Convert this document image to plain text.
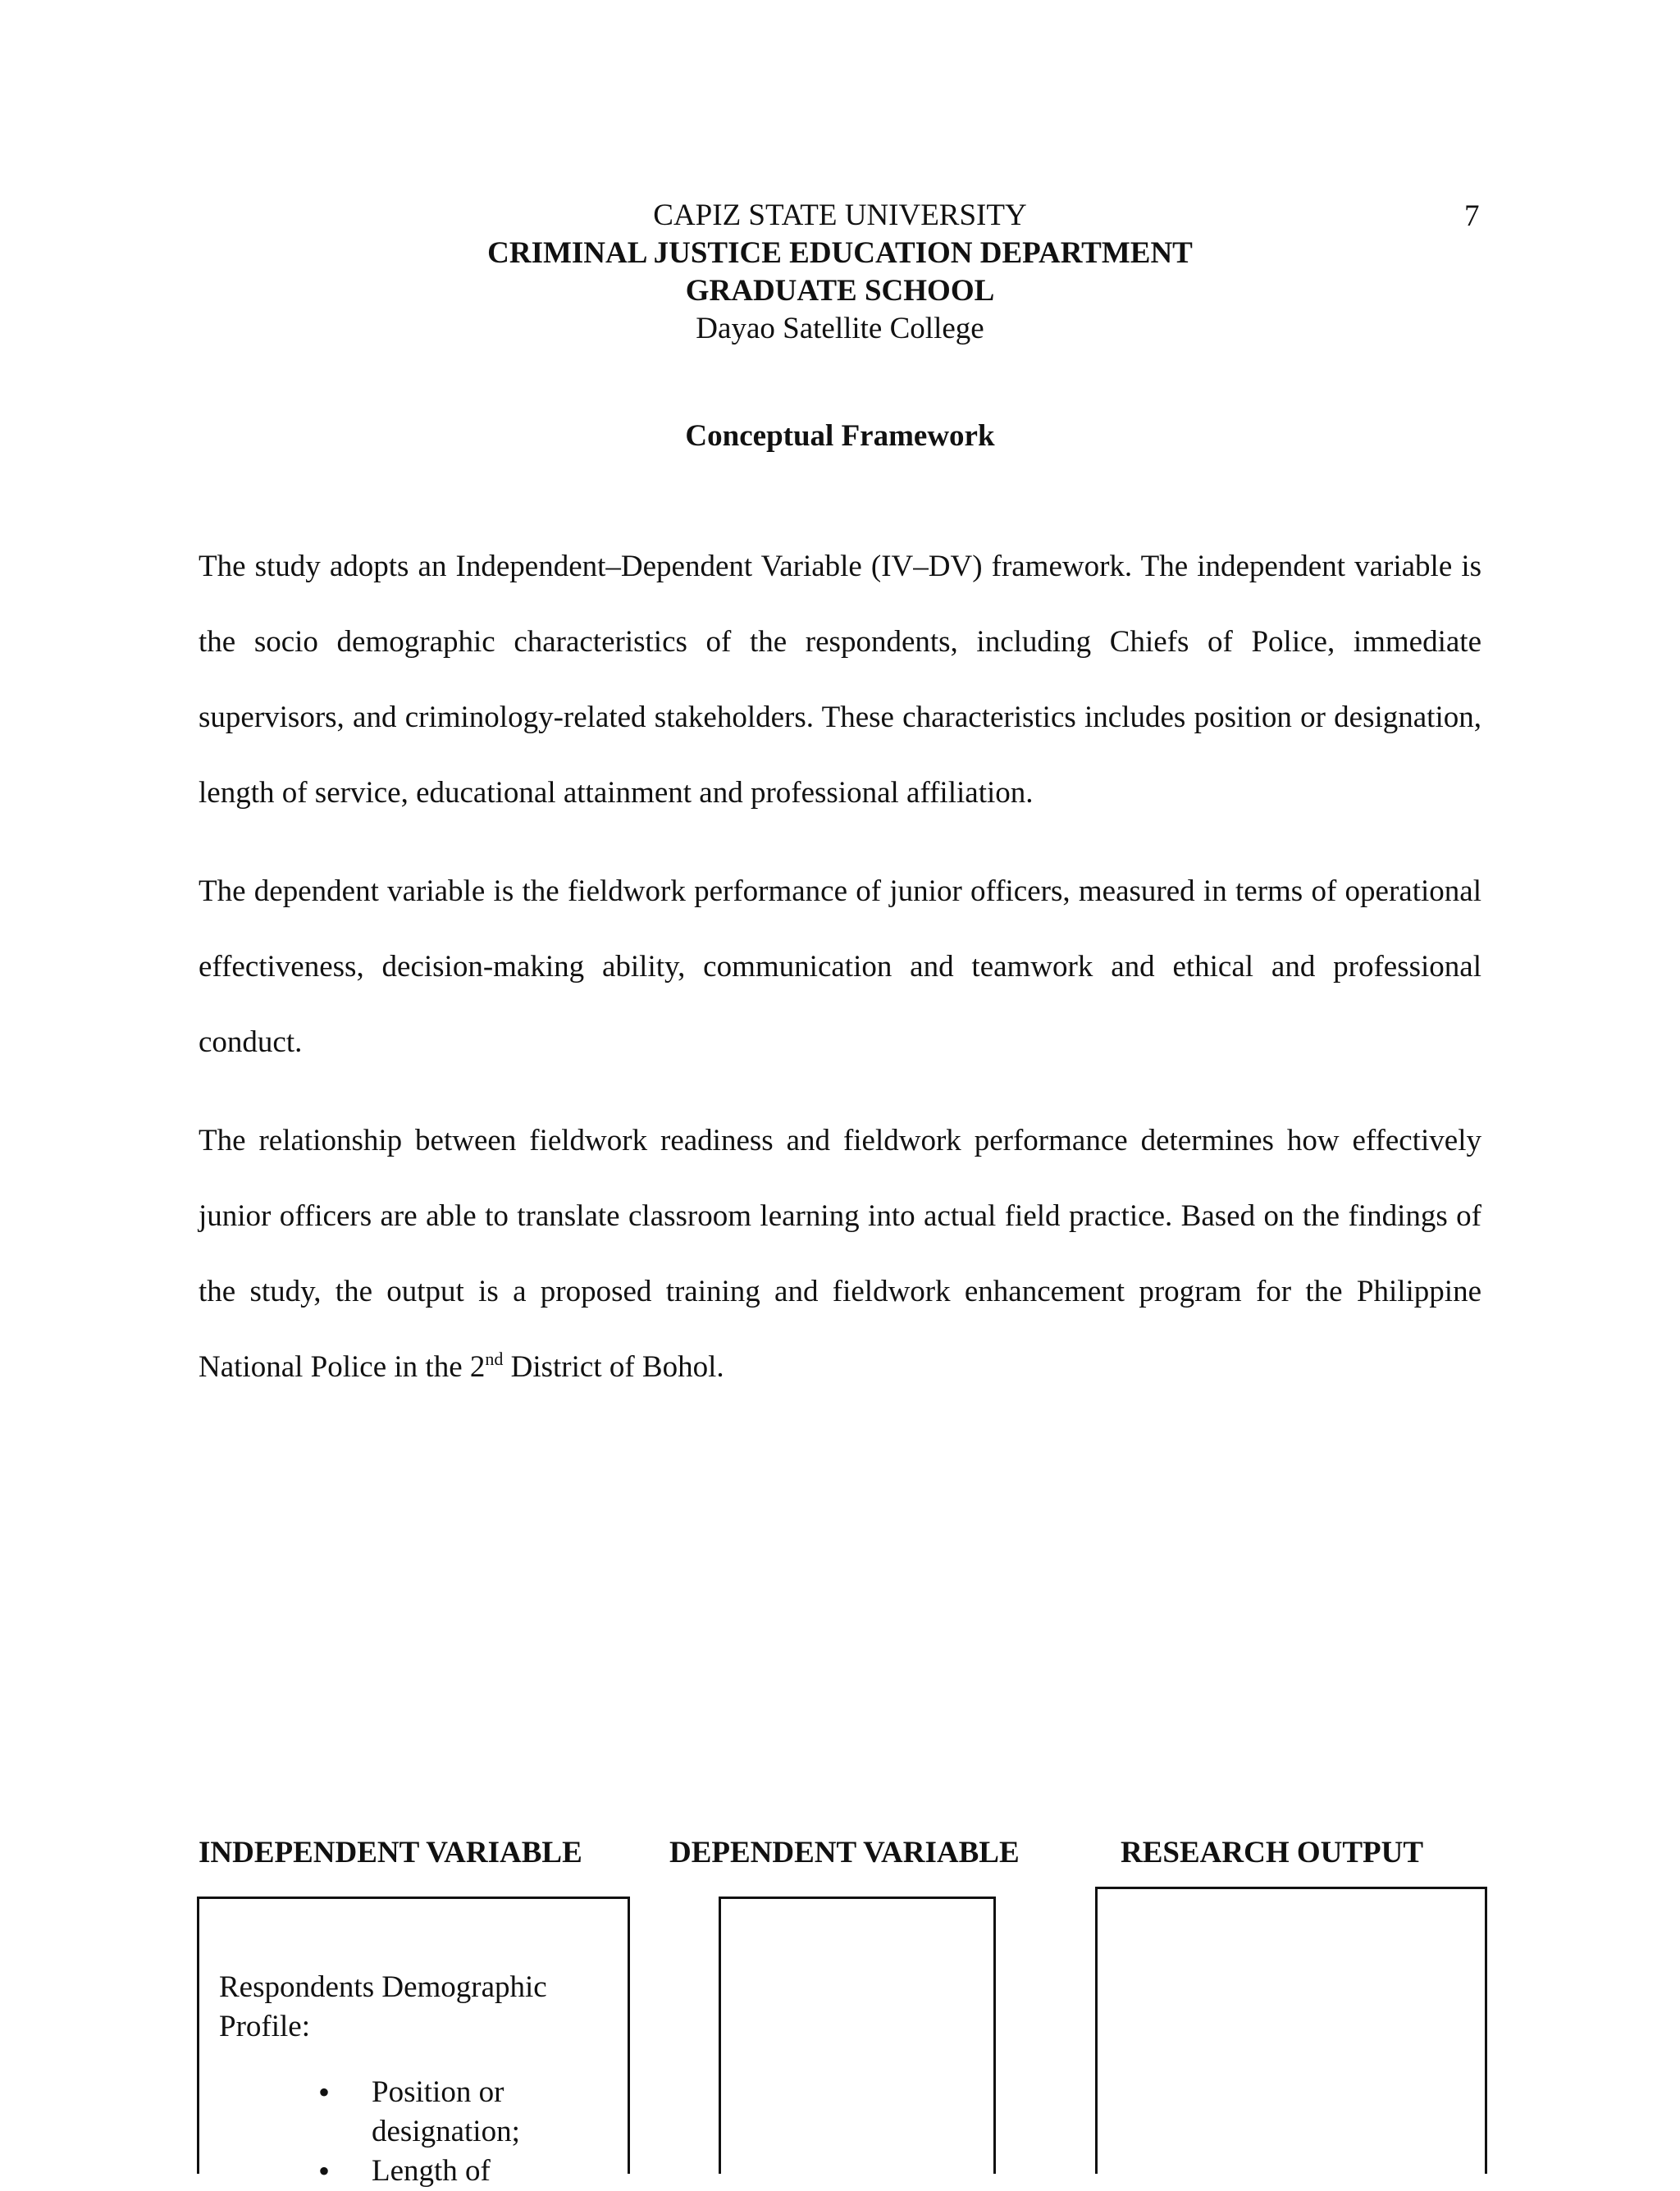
7
CAPIZ STATE UNIVERSITY
CRIMINAL JUSTICE EDUCATION DEPARTMENT
GRADUATE SCHOOL
Dayao Satellite College
Conceptual Framework

The study adopts an Independent–Dependent Variable (IV–DV) framework. The independent variable is the socio demographic characteristics of the respondents, including Chiefs of Police, immediate supervisors, and criminology-related stakeholders. These characteristics includes position or designation, length of service, educational attainment and professional affiliation.

The dependent variable is the fieldwork performance of junior officers, measured in terms of operational effectiveness, decision-making ability, communication and teamwork and ethical and professional conduct.

The relationship between fieldwork readiness and fieldwork performance determines how effectively junior officers are able to translate classroom learning into actual field practice. Based on the findings of the study, the output is a proposed training and fieldwork enhancement program for the Philippine National Police in the 2nd District of Bohol.

INDEPENDENT VARIABLE	DEPENDENT VARIABLE	RESEARCH OUTPUT
Respondents Demographic Profile:
• Position or designation;
• Length of
